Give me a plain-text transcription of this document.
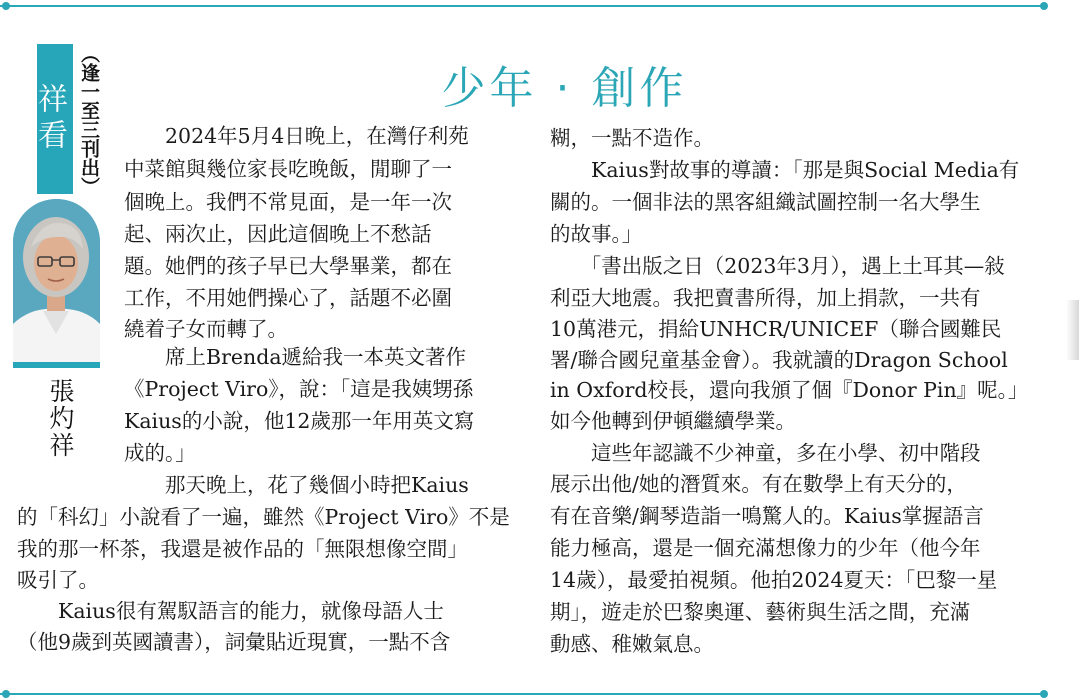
祥看 （逢一至三刊出）
張灼祥
少年 · 創作
　　2024年5月4日晚上，在灣仔利苑
中菜館與幾位家長吃晚飯，閒聊了一
個晚上。我們不常見面，是一年一次
起、兩次止，因此這個晚上不愁話
題。她們的孩子早已大學畢業，都在
工作，不用她們操心了，話題不必圍
繞着子女而轉了。
　　席上Brenda遞給我一本英文著作
《Project Viro》，說：「這是我姨甥孫
Kaius的小說，他12歲那一年用英文寫
成的。」
　　那天晚上，花了幾個小時把Kaius
的「科幻」小說看了一遍，雖然《Project Viro》不是
我的那一杯茶，我還是被作品的「無限想像空間」
吸引了。
　　Kaius很有駕馭語言的能力，就像母語人士
（他9歲到英國讀書），詞彙貼近現實，一點不含
糊，一點不造作。
　　Kaius對故事的導讀：「那是與Social Media有
關的。一個非法的黑客組織試圖控制一名大學生
的故事。」
　　「書出版之日（2023年3月），遇上土耳其—敍
利亞大地震。我把賣書所得，加上捐款，一共有
10萬港元，捐給UNHCR/UNICEF（聯合國難民
署/聯合國兒童基金會）。我就讀的Dragon School
in Oxford校長，還向我頒了個『Donor Pin』呢。」
如今他轉到伊頓繼續學業。
　　這些年認識不少神童，多在小學、初中階段
展示出他/她的潛質來。有在數學上有天分的，
有在音樂/鋼琴造詣一鳴驚人的。Kaius掌握語言
能力極高，還是一個充滿想像力的少年（他今年
14歲），最愛拍視頻。他拍2024夏天：「巴黎一星
期」，遊走於巴黎奧運、藝術與生活之間，充滿
動感、稚嫩氣息。
